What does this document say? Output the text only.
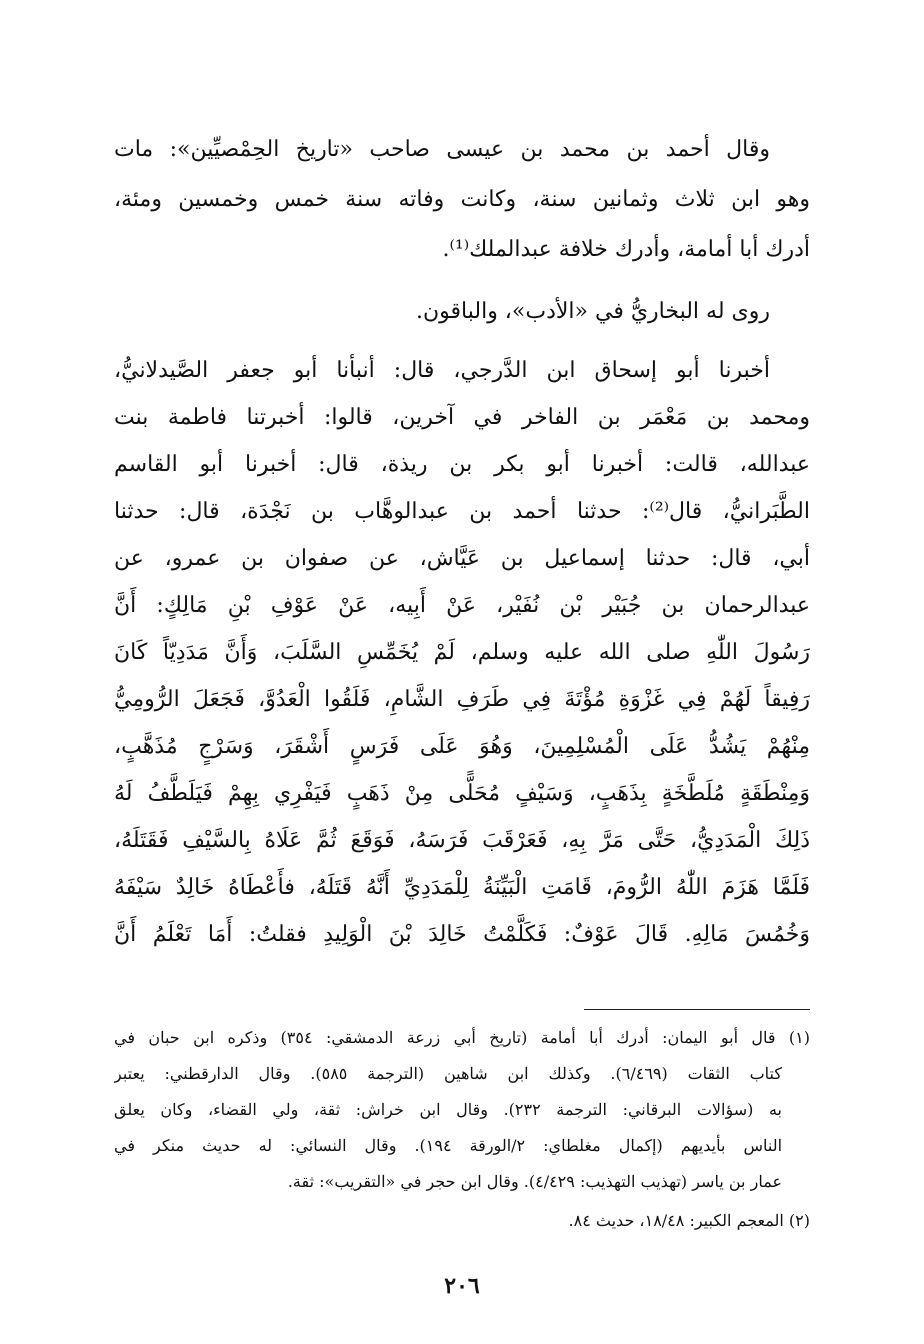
وقال أحمد بن محمد بن عيسى صاحب «تاريخ الحِمْصيِّين»: مات
وهو ابن ثلاث وثمانين سنة، وكانت وفاته سنة خمس وخمسين ومئة،
أدرك أبا أمامة، وأدرك خلافة عبدالملك⁽¹⁾.
روى له البخاريُّ في «الأدب»، والباقون.
أخبرنا أبو إسحاق ابن الدَّرجي، قال: أنبأنا أبو جعفر الصَّيدلانيُّ،
ومحمد بن مَعْمَر بن الفاخر في آخرين، قالوا: أخبرتنا فاطمة بنت
عبدالله، قالت: أخبرنا أبو بكر بن ريذة، قال: أخبرنا أبو القاسم
الطَّبَرانيُّ، قال⁽²⁾: حدثنا أحمد بن عبدالوهَّاب بن نَجْدَة، قال: حدثنا
أبي، قال: حدثنا إسماعيل بن عَيَّاش، عن صفوان بن عمرو، عن
عبدالرحمان بن جُبَيْر بْن نُفَيْر، عَنْ أَبِيه، عَنْ عَوْفِ بْنِ مَالِكٍ: أَنَّ
رَسُولَ اللّٰهِ صلى الله عليه وسلم، لَمْ يُخَمِّسِ السَّلَبَ، وَأَنَّ مَدَدِيّاً كَانَ
رَفِيقاً لَهُمْ فِي غَزْوَةِ مُؤْتَةَ فِي طَرَفِ الشَّامِ، فَلَقُوا الْعَدُوَّ، فَجَعَلَ الرُّومِيُّ
مِنْهُمْ يَشُدُّ عَلَى الْمُسْلِمِينَ، وَهُوَ عَلَى فَرَسٍ أَشْقَرَ، وَسَرْجٍ مُذَهَّبٍ،
وَمِنْطَقَةٍ مُلَطَّخَةٍ بِذَهَبٍ، وَسَيْفٍ مُحَلًّى مِنْ ذَهَبٍ فَيَفْرِي بِهِمْ فَيَلَطَّفُ لَهُ
ذَلِكَ الْمَدَدِيُّ، حَتَّى مَرَّ بِهِ، فَعَرْقَبَ فَرَسَهُ، فَوَقَعَ ثُمَّ عَلَاهُ بِالسَّيْفِ فَقَتَلَهُ،
فَلَمَّا هَزَمَ اللّٰهُ الرُّومَ، قَامَتِ الْبَيِّنَةُ لِلْمَدَدِيِّ أَنَّهُ قَتَلَهُ، فأَعْطَاهُ خَالِدٌ سَيْفَهُ
وَخُمُسَ مَالِهِ. قَالَ عَوْفٌ: فَكَلَّمْتُ خَالِدَ بْنَ الْوَلِيدِ فقلتُ: أَمَا تَعْلَمُ أَنَّ
(١) قال أبو اليمان: أدرك أبا أمامة (تاريخ أبي زرعة الدمشقي: ٣٥٤) وذكره ابن حبان في
كتاب الثقات (٦/٤٦٩). وكذلك ابن شاهين (الترجمة ٥٨٥). وقال الدارقطني: يعتبر
به (سؤالات البرقاني: الترجمة ٢٣٢). وقال ابن خراش: ثقة، ولي القضاء، وكان يعلق
الناس بأيديهم (إكمال مغلطاي: ٢/الورقة ١٩٤). وقال النسائي: له حديث منكر في
عمار بن ياسر (تهذيب التهذيب: ٤/٤٢٩). وقال ابن حجر في «التقريب»: ثقة.
(٢) المعجم الكبير: ١٨/٤٨، حديث ٨٤.
٢٠٦
